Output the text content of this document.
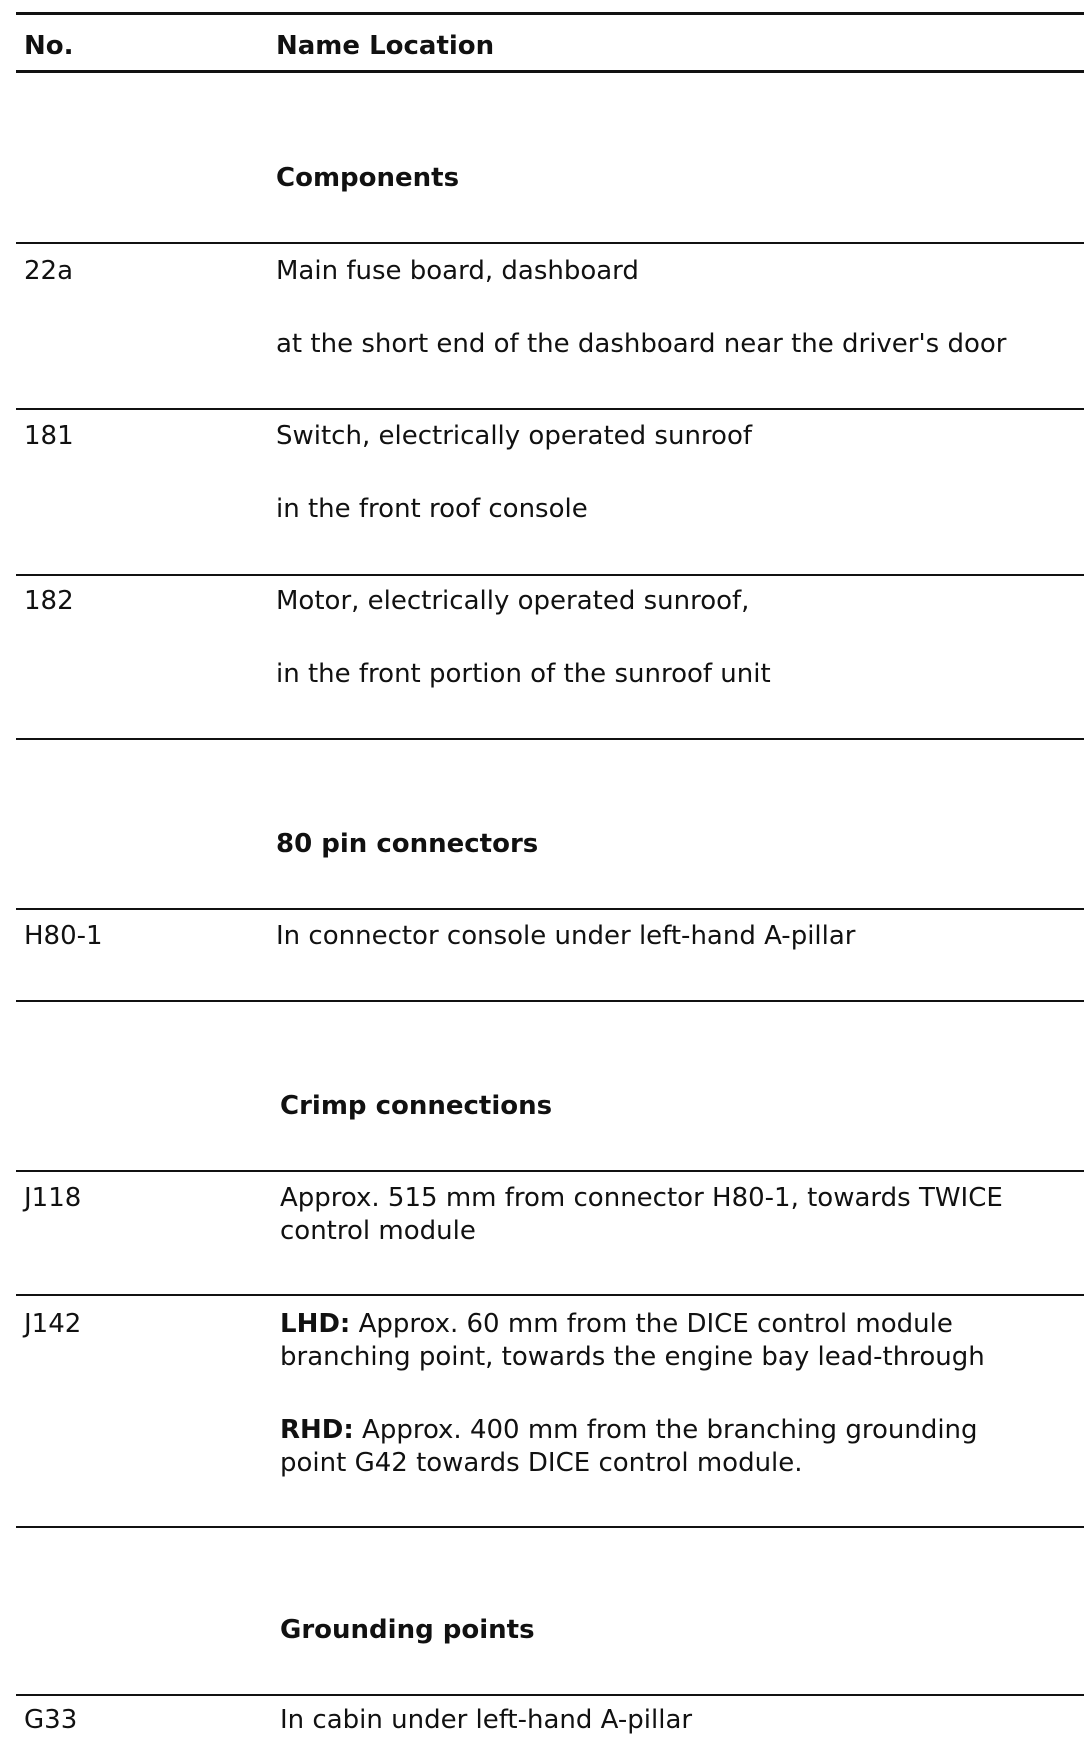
No.	Name Location
Components
22a	Main fuse board, dashboard
at the short end of the dashboard near the driver's door
181	Switch, electrically operated sunroof
in the front roof console
182	Motor, electrically operated sunroof,
in the front portion of the sunroof unit
80 pin connectors
H80-1	In connector console under left-hand A-pillar
Crimp connections
J118	Approx. 515 mm from connector H80-1, towards TWICE
control module
J142	LHD: Approx. 60 mm from the DICE control module
branching point, towards the engine bay lead-through
RHD: Approx. 400 mm from the branching grounding
point G42 towards DICE control module.
Grounding points
G33	In cabin under left-hand A-pillar
